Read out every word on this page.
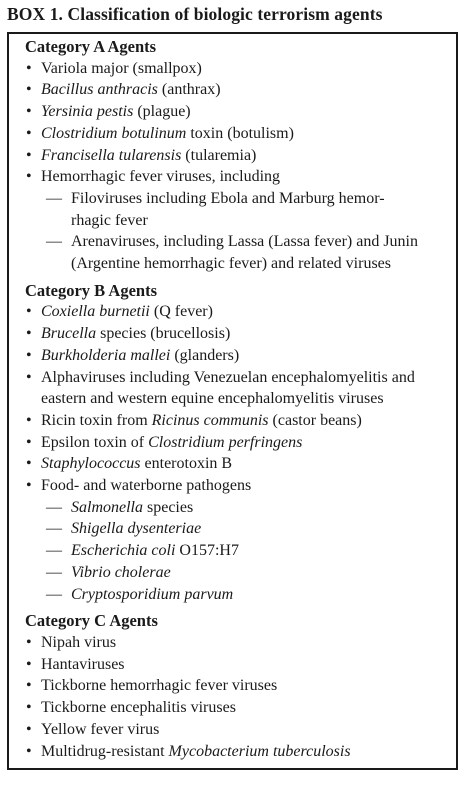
BOX 1. Classification of biologic terrorism agents
Category A Agents
• Variola major (smallpox)
• Bacillus anthracis (anthrax)
• Yersinia pestis (plague)
• Clostridium botulinum toxin (botulism)
• Francisella tularensis (tularemia)
• Hemorrhagic fever viruses, including
— Filoviruses including Ebola and Marburg hemor-
rhagic fever
— Arenaviruses, including Lassa (Lassa fever) and Junin
(Argentine hemorrhagic fever) and related viruses
Category B Agents
• Coxiella burnetii (Q fever)
• Brucella species (brucellosis)
• Burkholderia mallei (glanders)
• Alphaviruses including Venezuelan encephalomyelitis and eastern and western equine encephalomyelitis viruses
• Ricin toxin from Ricinus communis (castor beans)
• Epsilon toxin of Clostridium perfringens
• Staphylococcus enterotoxin B
• Food- and waterborne pathogens
— Salmonella species
— Shigella dysenteriae
— Escherichia coli O157:H7
— Vibrio cholerae
— Cryptosporidium parvum
Category C Agents
• Nipah virus
• Hantaviruses
• Tickborne hemorrhagic fever viruses
• Tickborne encephalitis viruses
• Yellow fever virus
• Multidrug-resistant Mycobacterium tuberculosis
